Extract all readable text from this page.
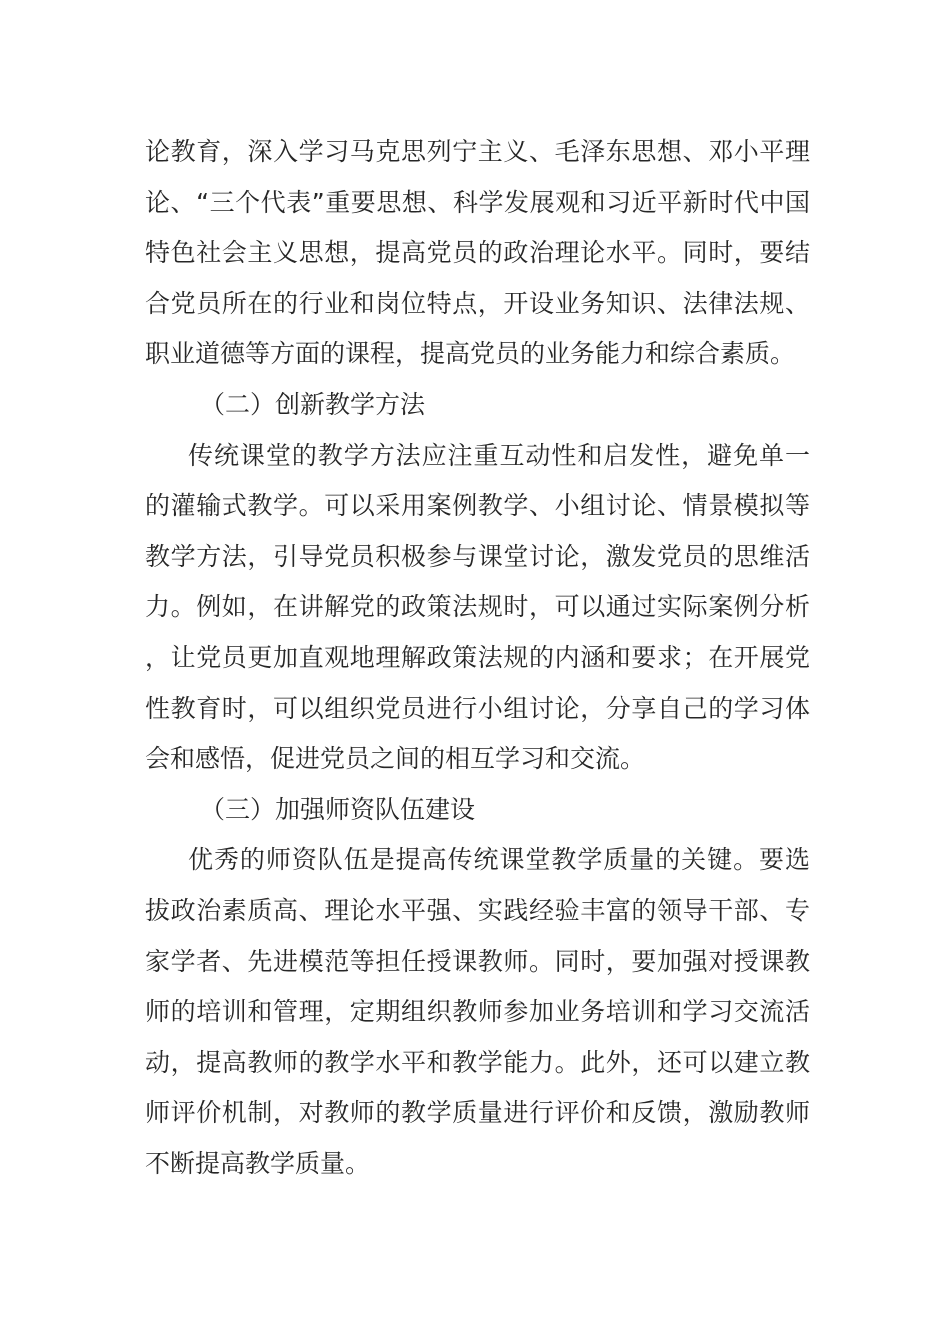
论教育，深入学习马克思列宁主义、毛泽东思想、邓小平理论、“三个代表”重要思想、科学发展观和习近平新时代中国特色社会主义思想，提高党员的政治理论水平。同时，要结合党员所在的行业和岗位特点，开设业务知识、法律法规、职业道德等方面的课程，提高党员的业务能力和综合素质。

（二）创新教学方法

传统课堂的教学方法应注重互动性和启发性，避免单一的灌输式教学。可以采用案例教学、小组讨论、情景模拟等教学方法，引导党员积极参与课堂讨论，激发党员的思维活力。例如，在讲解党的政策法规时，可以通过实际案例分析，让党员更加直观地理解政策法规的内涵和要求；在开展党性教育时，可以组织党员进行小组讨论，分享自己的学习体会和感悟，促进党员之间的相互学习和交流。

（三）加强师资队伍建设

优秀的师资队伍是提高传统课堂教学质量的关键。要选拔政治素质高、理论水平强、实践经验丰富的领导干部、专家学者、先进模范等担任授课教师。同时，要加强对授课教师的培训和管理，定期组织教师参加业务培训和学习交流活动，提高教师的教学水平和教学能力。此外，还可以建立教师评价机制，对教师的教学质量进行评价和反馈，激励教师不断提高教学质量。
